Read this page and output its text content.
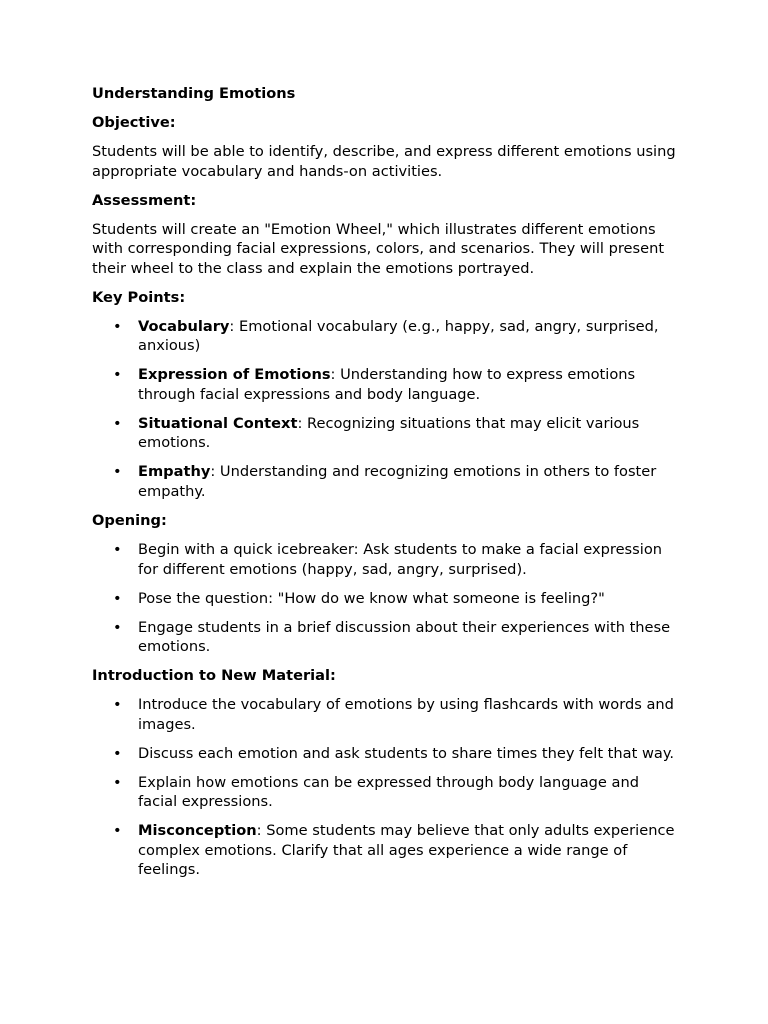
Understanding Emotions
Objective:
Students will be able to identify, describe, and express different emotions using appropriate vocabulary and hands-on activities.
Assessment:
Students will create an "Emotion Wheel," which illustrates different emotions with corresponding facial expressions, colors, and scenarios. They will present their wheel to the class and explain the emotions portrayed.
Key Points:
• Vocabulary: Emotional vocabulary (e.g., happy, sad, angry, surprised, anxious)
• Expression of Emotions: Understanding how to express emotions through facial expressions and body language.
• Situational Context: Recognizing situations that may elicit various emotions.
• Empathy: Understanding and recognizing emotions in others to foster empathy.
Opening:
• Begin with a quick icebreaker: Ask students to make a facial expression for different emotions (happy, sad, angry, surprised).
• Pose the question: "How do we know what someone is feeling?"
• Engage students in a brief discussion about their experiences with these emotions.
Introduction to New Material:
• Introduce the vocabulary of emotions by using flashcards with words and images.
• Discuss each emotion and ask students to share times they felt that way.
• Explain how emotions can be expressed through body language and facial expressions.
• Misconception: Some students may believe that only adults experience complex emotions. Clarify that all ages experience a wide range of feelings.
